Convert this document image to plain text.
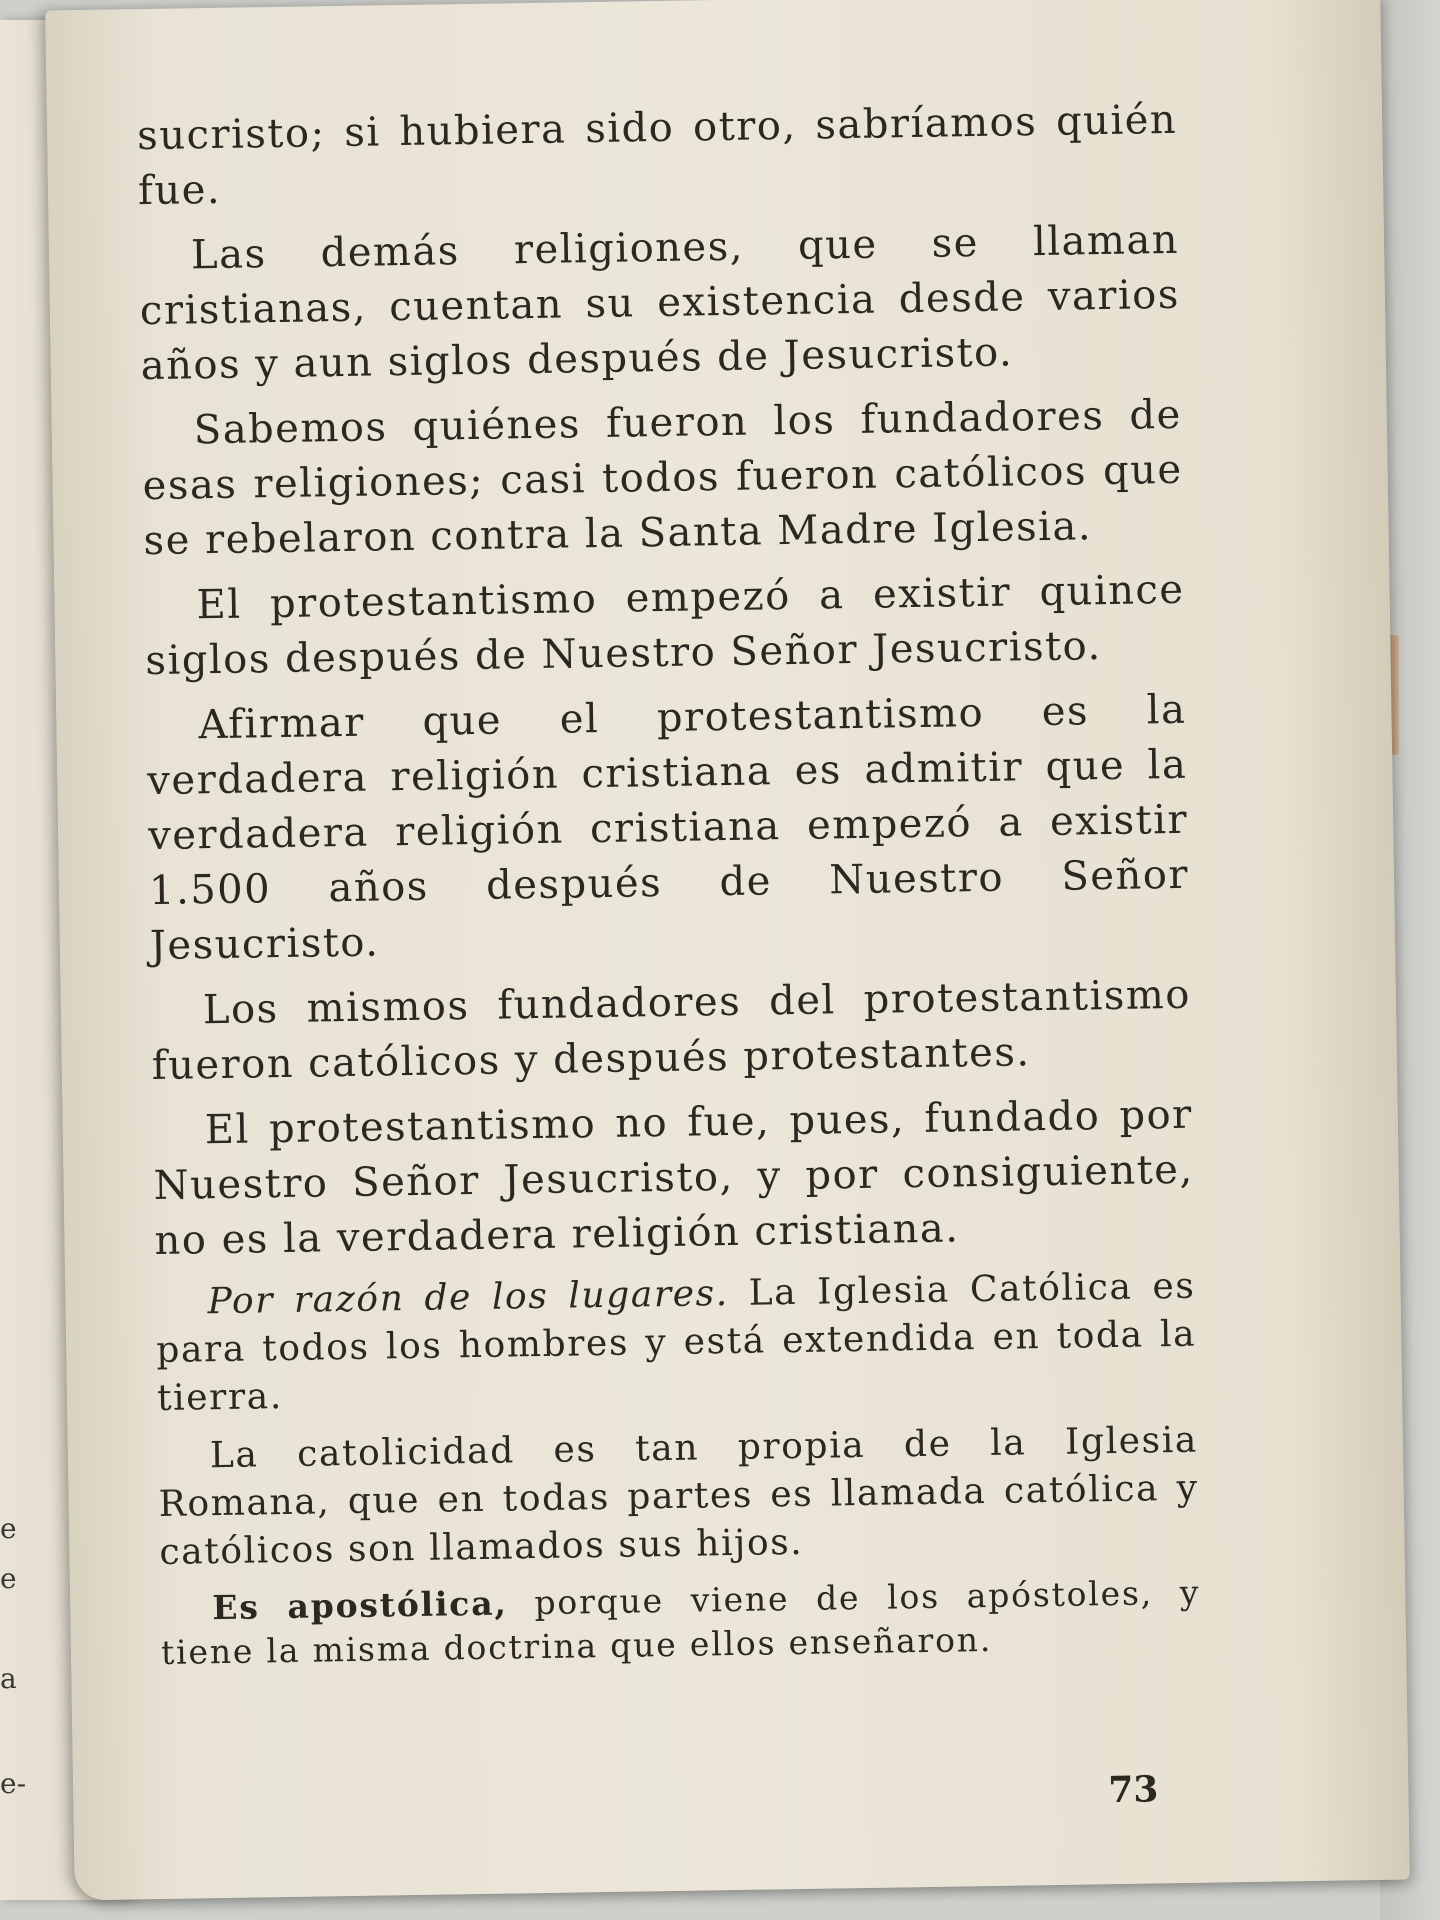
e
e
a
e-

sucristo; si hubiera sido otro, sabríamos quién fue.

Las demás religiones, que se llaman cristianas, cuentan su existencia desde varios años y aun siglos después de Jesucristo.

Sabemos quiénes fueron los fundadores de esas religiones; casi todos fueron católicos que se rebelaron contra la Santa Madre Iglesia.

El protestantismo empezó a existir quince siglos después de Nuestro Señor Jesucristo.

Afirmar que el protestantismo es la verdadera religión cristiana es admitir que la verdadera religión cristiana empezó a existir 1.500 años después de Nuestro Señor Jesucristo.

Los mismos fundadores del protestantismo fueron católicos y después protestantes.

El protestantismo no fue, pues, fundado por Nuestro Señor Jesucristo, y por consiguiente, no es la verdadera religión cristiana.

Por razón de los lugares. La Iglesia Católica es para todos los hombres y está extendida en toda la tierra.

La catolicidad es tan propia de la Iglesia Romana, que en todas partes es llamada católica y católicos son llamados sus hijos.

Es apostólica, porque viene de los apóstoles, y tiene la misma doctrina que ellos enseñaron.

73
